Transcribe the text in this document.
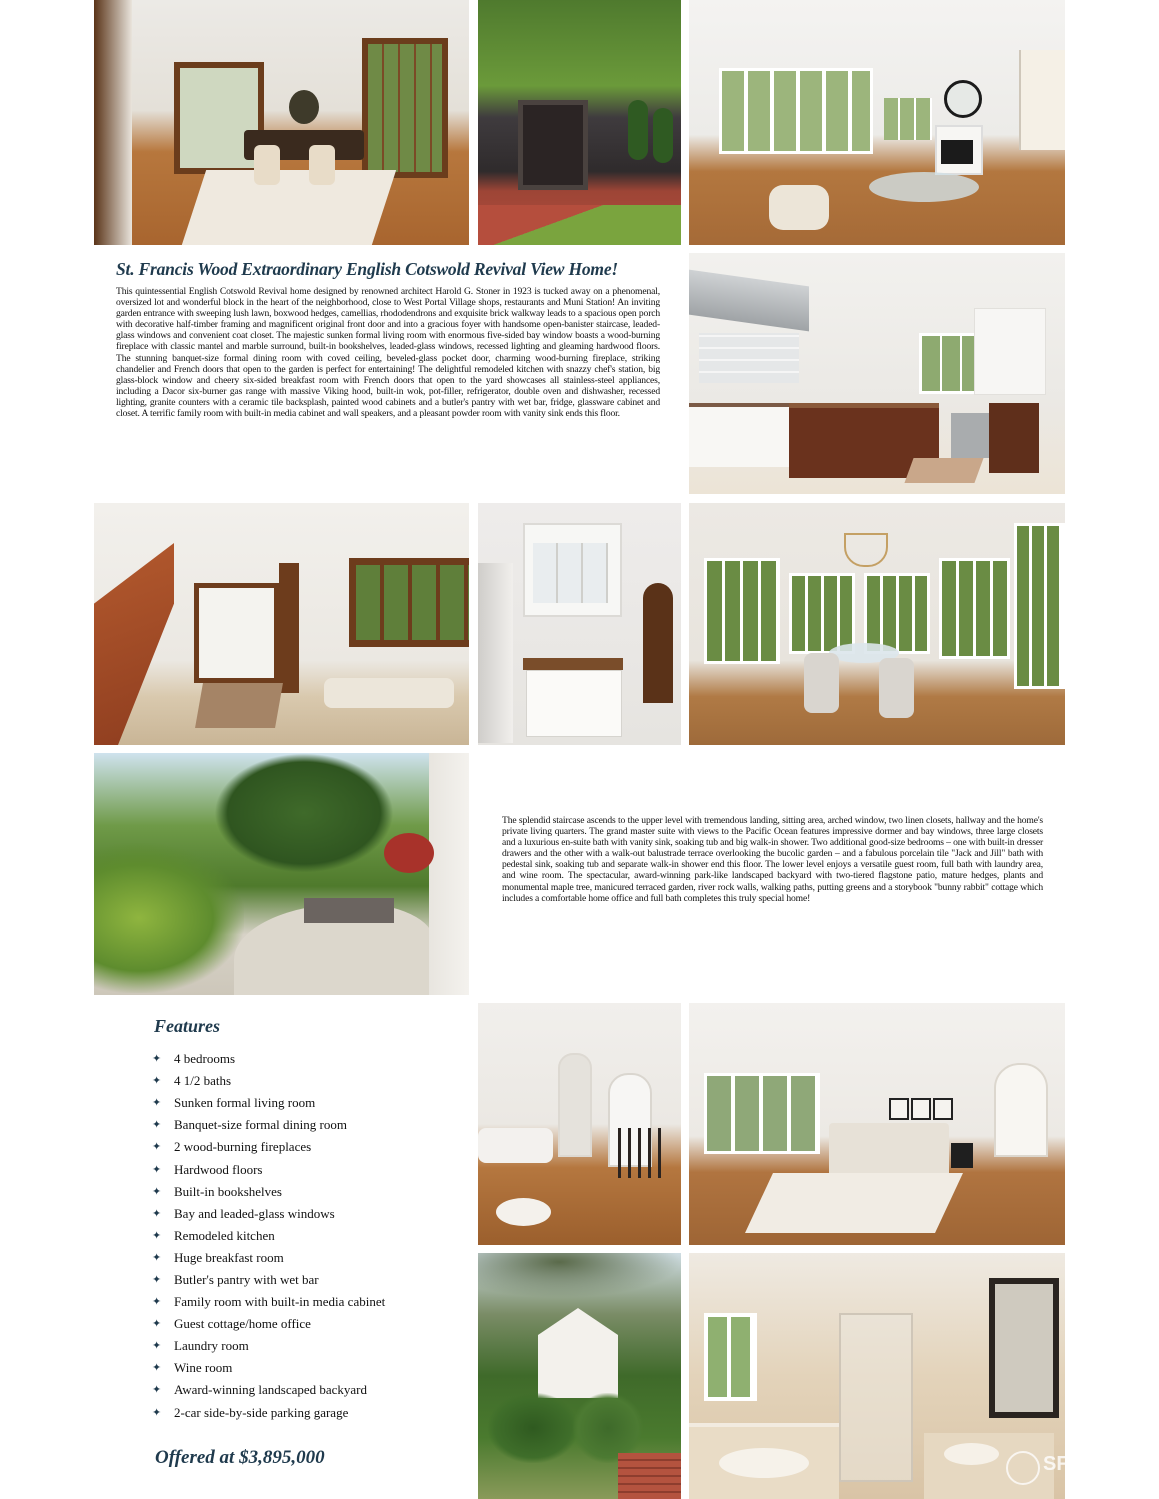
St. Francis Wood Extraordinary English Cotswold Revival View Home!
This quintessential English Cotswold Revival home designed by renowned architect Harold G. Stoner in 1923 is tucked away on a phenomenal, oversized lot and wonderful block in the heart of the neighborhood, close to West Portal Village shops, restaurants and Muni Station! An inviting garden entrance with sweeping lush lawn, boxwood hedges, camellias, rhododendrons and exquisite brick walkway leads to a spacious open porch with decorative half-timber framing and magnificent original front door and into a gracious foyer with handsome open-banister staircase, leaded-glass windows and convenient coat closet. The majestic sunken formal living room with enormous five-sided bay window boasts a wood-burning fireplace with classic mantel and marble surround, built-in bookshelves, leaded-glass windows, recessed lighting and gleaming hardwood floors. The stunning banquet-size formal dining room with coved ceiling, beveled-glass pocket door, charming wood-burning fireplace, striking chandelier and French doors that open to the garden is perfect for entertaining! The delightful remodeled kitchen with snazzy chef's station, big glass-block window and cheery six-sided breakfast room with French doors that open to the yard showcases all stainless-steel appliances, including a Dacor six-burner gas range with massive Viking hood, built-in wok, pot-filler, refrigerator, double oven and dishwasher, recessed lighting, granite counters with a ceramic tile backsplash, painted wood cabinets and a butler's pantry with wet bar, fridge, glassware cabinet and closet. A terrific family room with built-in media cabinet and wall speakers, and a pleasant powder room with vanity sink ends this floor.
The splendid staircase ascends to the upper level with tremendous landing, sitting area, arched window, two linen closets, hallway and the home's private living quarters. The grand master suite with views to the Pacific Ocean features impressive dormer and bay windows, three large closets and a luxurious en-suite bath with vanity sink, soaking tub and big walk-in shower. Two additional good-size bedrooms – one with built-in dresser drawers and the other with a walk-out balustrade terrace overlooking the bucolic garden – and a fabulous porcelain tile "Jack and Jill" bath with pedestal sink, soaking tub and separate walk-in shower end this floor. The lower level enjoys a versatile guest room, full bath with laundry area, and wine room. The spectacular, award-winning park-like landscaped backyard with two-tiered flagstone patio, mature hedges, plants and monumental maple tree, manicured terraced garden, river rock walls, walking paths, putting greens and a storybook "bunny rabbit" cottage which includes a comfortable home office and full bath completes this truly special home!
Features
✦ 4 bedrooms
✦ 4 1/2 baths
✦ Sunken formal living room
✦ Banquet-size formal dining room
✦ 2 wood-burning fireplaces
✦ Hardwood floors
✦ Built-in bookshelves
✦ Bay and leaded-glass windows
✦ Remodeled kitchen
✦ Huge breakfast room
✦ Butler's pantry with wet bar
✦ Family room with built-in media cabinet
✦ Guest cottage/home office
✦ Laundry room
✦ Wine room
✦ Award-winning landscaped backyard
✦ 2-car side-by-side parking garage
Offered at $3,895,000	SF
